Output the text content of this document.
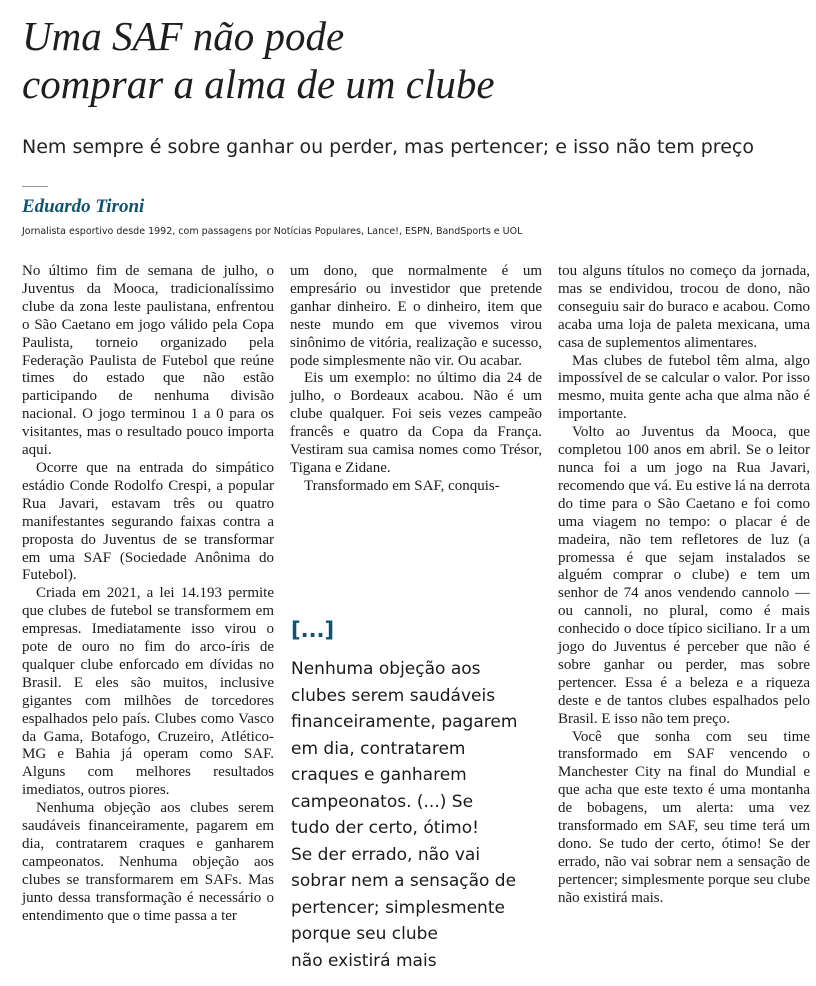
Uma SAF não pode
comprar a alma de um clube
Nem sempre é sobre ganhar ou perder, mas pertencer; e isso não tem preço
Eduardo Tironi
Jornalista esportivo desde 1992, com passagens por Notícias Populares, Lance!, ESPN, BandSports e UOL

No último fim de semana de julho, o Juventus da Mooca, tradicionalíssimo clube da zona leste paulistana, enfrentou o São Caetano em jogo válido pela Copa Paulista, torneio organizado pela Federação Paulista de Futebol que reúne times do estado que não estão participando de nenhuma divisão nacional. O jogo terminou 1 a 0 para os visitantes, mas o resultado pouco importa aqui.

Ocorre que na entrada do simpático estádio Conde Rodolfo Crespi, a popular Rua Javari, estavam três ou quatro manifestantes segurando faixas contra a proposta do Juventus de se transformar em uma SAF (Sociedade Anônima do Futebol).

Criada em 2021, a lei 14.193 permite que clubes de futebol se transformem em empresas. Imediatamente isso virou o pote de ouro no fim do arco-íris de qualquer clube enforcado em dívidas no Brasil. E eles são muitos, inclusive gigantes com milhões de torcedores espalhados pelo país. Clubes como Vasco da Gama, Botafogo, Cruzeiro, Atlético-MG e Bahia já operam como SAF. Alguns com melhores resultados imediatos, outros piores.

Nenhuma objeção aos clubes serem saudáveis financeiramente, pagarem em dia, contratarem craques e ganharem campeonatos. Nenhuma objeção aos clubes se transformarem em SAFs. Mas junto dessa transformação é necessário o entendimento que o time passa a ter

um dono, que normalmente é um empresário ou investidor que pretende ganhar dinheiro. E o dinheiro, item que neste mundo em que vivemos virou sinônimo de vitória, realização e sucesso, pode simplesmente não vir. Ou acabar.

Eis um exemplo: no último dia 24 de julho, o Bordeaux acabou. Não é um clube qualquer. Foi seis vezes campeão francês e quatro da Copa da França. Vestiram sua camisa nomes como Trésor, Tigana e Zidane.

Transformado em SAF, conquis-

[...]
Nenhuma objeção aos
clubes serem saudáveis
financeiramente, pagarem
em dia, contratarem
craques e ganharem
campeonatos. (...) Se
tudo der certo, ótimo!
Se der errado, não vai
sobrar nem a sensação de
pertencer; simplesmente
porque seu clube
não existirá mais

tou alguns títulos no começo da jornada, mas se endividou, trocou de dono, não conseguiu sair do buraco e acabou. Como acaba uma loja de paleta mexicana, uma casa de suplementos alimentares.

Mas clubes de futebol têm alma, algo impossível de se calcular o valor. Por isso mesmo, muita gente acha que alma não é importante.

Volto ao Juventus da Mooca, que completou 100 anos em abril. Se o leitor nunca foi a um jogo na Rua Javari, recomendo que vá. Eu estive lá na derrota do time para o São Caetano e foi como uma viagem no tempo: o placar é de madeira, não tem refletores de luz (a promessa é que sejam instalados se alguém comprar o clube) e tem um senhor de 74 anos vendendo cannolo — ou cannoli, no plural, como é mais conhecido o doce típico siciliano. Ir a um jogo do Juventus é perceber que não é sobre ganhar ou perder, mas sobre pertencer. Essa é a beleza e a riqueza deste e de tantos clubes espalhados pelo Brasil. E isso não tem preço.

Você que sonha com seu time transformado em SAF vencendo o Manchester City na final do Mundial e que acha que este texto é uma montanha de bobagens, um alerta: uma vez transformado em SAF, seu time terá um dono. Se tudo der certo, ótimo! Se der errado, não vai sobrar nem a sensação de pertencer; simplesmente porque seu clube não existirá mais.
